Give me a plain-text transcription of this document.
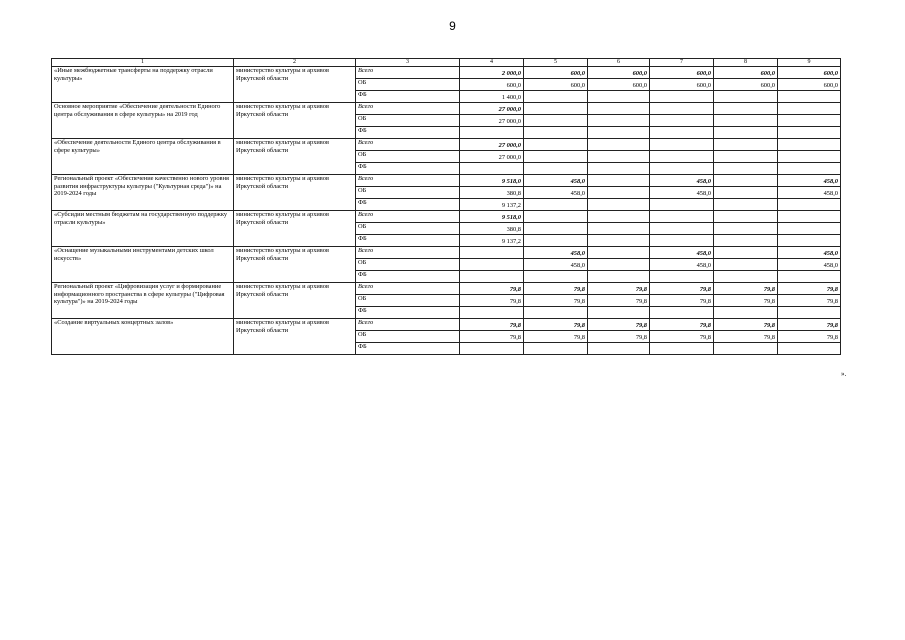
9
1	2	3	4	5	6	7	8	9
«Иные межбюджетные трансферты на поддержку отрасли культуры»	министерство культуры и архивов Иркутской области	Всего	2 000,0	600,0	600,0	600,0	600,0	600,0
		ОБ	600,0	600,0	600,0	600,0	600,0	600,0
		ФБ	1 400,0					
Основное мероприятие «Обеспечение деятельности Единого центра обслуживания в сфере культуры» на 2019 год	министерство культуры и архивов Иркутской области	Всего	27 000,0					
		ОБ	27 000,0					
		ФБ						
«Обеспечение деятельности Единого центра обслуживания в сфере культуры»	министерство культуры и архивов Иркутской области	Всего	27 000,0					
		ОБ	27 000,0					
		ФБ						
Региональный проект «Обеспечение качественно нового уровня развития инфраструктуры культуры ("Культурная среда")» на 2019-2024 годы	министерство культуры и архивов Иркутской области	Всего	9 518,0	458,0		458,0		458,0
		ОБ	380,8	458,0		458,0		458,0
		ФБ	9 137,2					
«Субсидии местным бюджетам на государственную поддержку отрасли культуры»	министерство культуры и архивов Иркутской области	Всего	9 518,0					
		ОБ	380,8					
		ФБ	9 137,2					
«Оснащение музыкальными инструментами детских школ искусств»	министерство культуры и архивов Иркутской области	Всего		458,0		458,0		458,0
		ОБ		458,0		458,0		458,0
		ФБ						
Региональный проект «Цифровизация услуг и формирование информационного пространства в сфере культуры ("Цифровая культура")» на 2019-2024 годы	министерство культуры и архивов Иркутской области	Всего	79,8	79,8	79,8	79,8	79,8	79,8
		ОБ	79,8	79,8	79,8	79,8	79,8	79,8
		ФБ						
«Создание виртуальных концертных залов»	министерство культуры и архивов Иркутской области	Всего	79,8	79,8	79,8	79,8	79,8	79,8
		ОБ	79,8	79,8	79,8	79,8	79,8	79,8
		ФБ						
».
